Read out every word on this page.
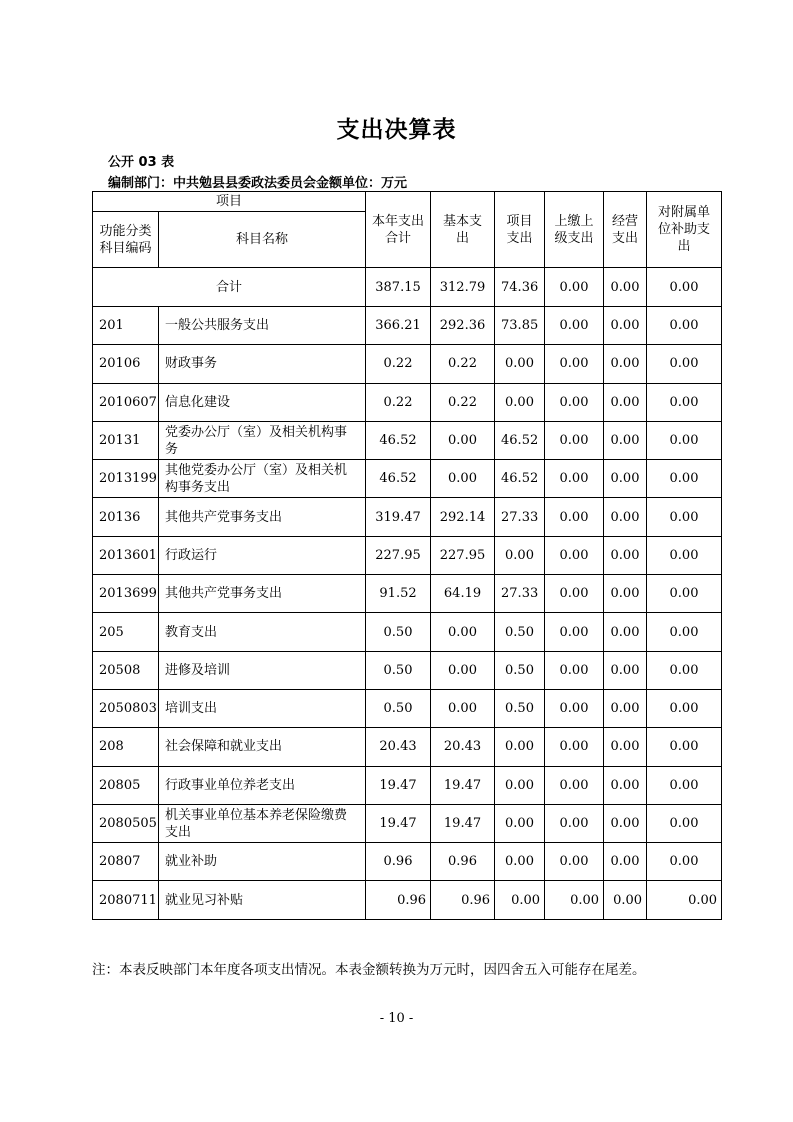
支出决算表
公开 03 表
编制部门：中共勉县县委政法委员会金额单位：万元
项目		本年支出合计	基本支出	项目支出	上缴上级支出	经营支出	对附属单位补助支出
功能分类科目编码	科目名称						
合计		387.15	312.79	74.36	0.00	0.00	0.00
201	一般公共服务支出	366.21	292.36	73.85	0.00	0.00	0.00
20106	财政事务	0.22	0.22	0.00	0.00	0.00	0.00
2010607	信息化建设	0.22	0.22	0.00	0.00	0.00	0.00
20131	党委办公厅（室）及相关机构事务	46.52	0.00	46.52	0.00	0.00	0.00
2013199	其他党委办公厅（室）及相关机构事务支出	46.52	0.00	46.52	0.00	0.00	0.00
20136	其他共产党事务支出	319.47	292.14	27.33	0.00	0.00	0.00
2013601	行政运行	227.95	227.95	0.00	0.00	0.00	0.00
2013699	其他共产党事务支出	91.52	64.19	27.33	0.00	0.00	0.00
205	教育支出	0.50	0.00	0.50	0.00	0.00	0.00
20508	进修及培训	0.50	0.00	0.50	0.00	0.00	0.00
2050803	培训支出	0.50	0.00	0.50	0.00	0.00	0.00
208	社会保障和就业支出	20.43	20.43	0.00	0.00	0.00	0.00
20805	行政事业单位养老支出	19.47	19.47	0.00	0.00	0.00	0.00
2080505	机关事业单位基本养老保险缴费支出	19.47	19.47	0.00	0.00	0.00	0.00
20807	就业补助	0.96	0.96	0.00	0.00	0.00	0.00
2080711	就业见习补贴	0.96	0.96	0.00	0.00	0.00	0.00
注：本表反映部门本年度各项支出情况。本表金额转换为万元时，因四舍五入可能存在尾差。
- 10 -
